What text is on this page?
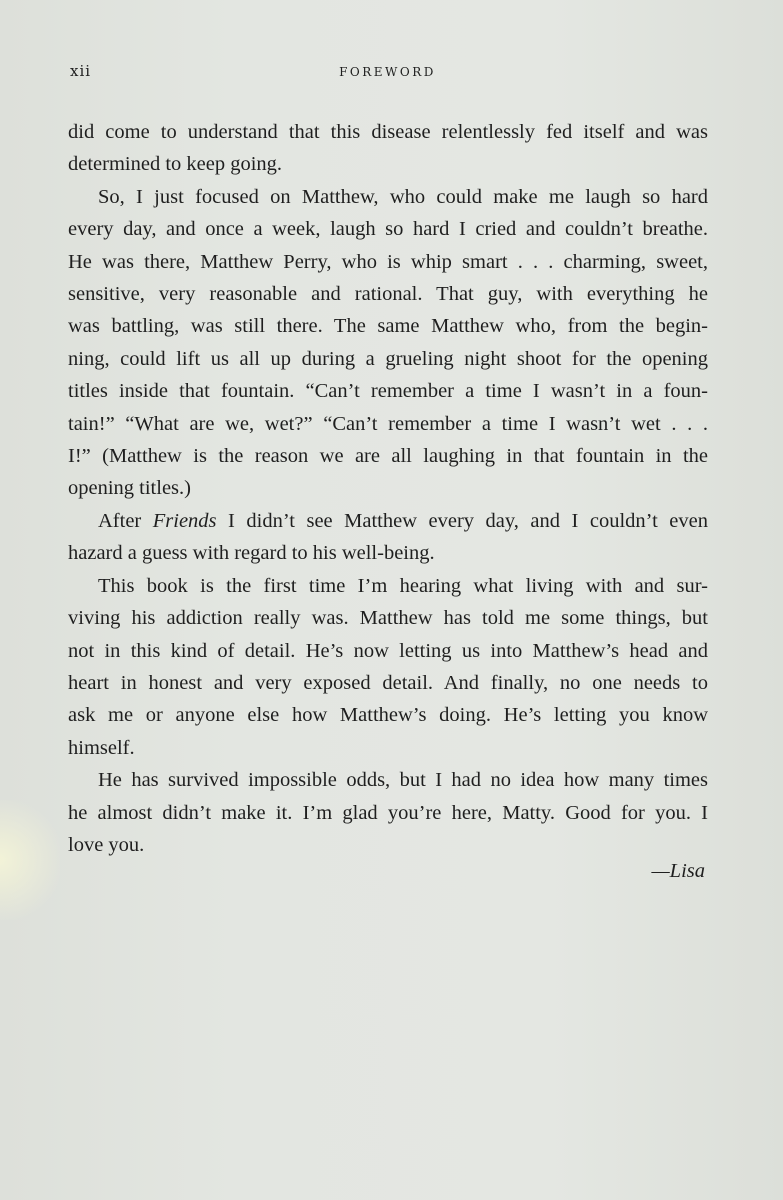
xii	FOREWORD
did come to understand that this disease relentlessly fed itself and was
determined to keep going.
So, I just focused on Matthew, who could make me laugh so hard
every day, and once a week, laugh so hard I cried and couldn’t breathe.
He was there, Matthew Perry, who is whip smart . . . charming, sweet,
sensitive, very reasonable and rational. That guy, with everything he
was battling, was still there. The same Matthew who, from the begin-
ning, could lift us all up during a grueling night shoot for the opening
titles inside that fountain. “Can’t remember a time I wasn’t in a foun-
tain!” “What are we, wet?” “Can’t remember a time I wasn’t wet . . .
I!” (Matthew is the reason we are all laughing in that fountain in the
opening titles.)
After Friends I didn’t see Matthew every day, and I couldn’t even
hazard a guess with regard to his well-being.
This book is the first time I’m hearing what living with and sur-
viving his addiction really was. Matthew has told me some things, but
not in this kind of detail. He’s now letting us into Matthew’s head and
heart in honest and very exposed detail. And finally, no one needs to
ask me or anyone else how Matthew’s doing. He’s letting you know
himself.
He has survived impossible odds, but I had no idea how many times
he almost didn’t make it. I’m glad you’re here, Matty. Good for you. I
love you.
—Lisa
